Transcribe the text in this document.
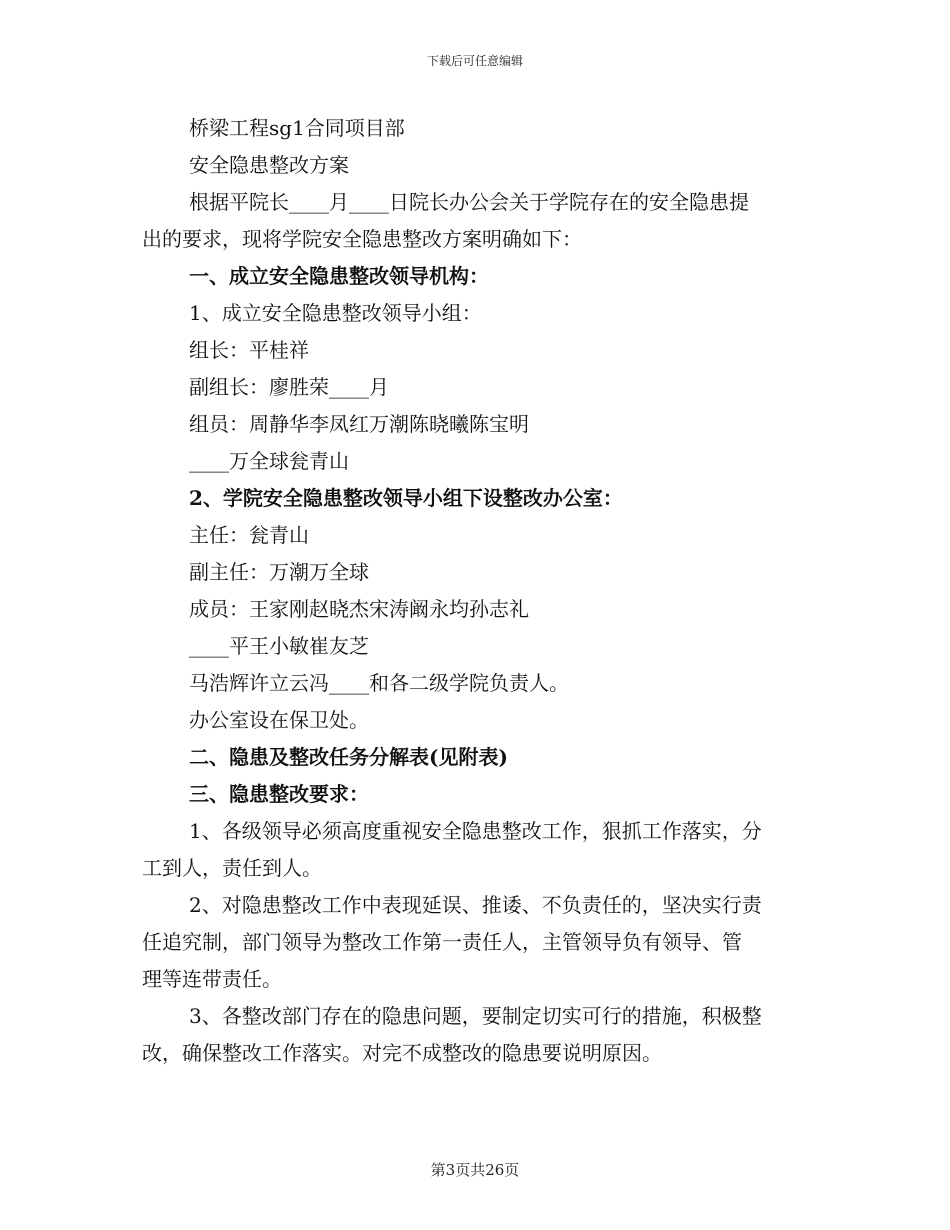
下载后可任意编辑
桥梁工程sg1合同项目部
安全隐患整改方案
根据平院长____月____日院长办公会关于学院存在的安全隐患提
出的要求，现将学院安全隐患整改方案明确如下：
一、成立安全隐患整改领导机构：
1、成立安全隐患整改领导小组：
组长：平桂祥
副组长：廖胜荣____月
组员：周静华李凤红万潮陈晓曦陈宝明
____万全球瓮青山
2、学院安全隐患整改领导小组下设整改办公室：
主任：瓮青山
副主任：万潮万全球
成员：王家刚赵晓杰宋涛阚永均孙志礼
____平王小敏崔友芝
马浩辉许立云冯____和各二级学院负责人。
办公室设在保卫处。
二、隐患及整改任务分解表(见附表)
三、隐患整改要求：
1、各级领导必须高度重视安全隐患整改工作，狠抓工作落实，分
工到人，责任到人。
2、对隐患整改工作中表现延误、推诿、不负责任的，坚决实行责
任追究制，部门领导为整改工作第一责任人，主管领导负有领导、管
理等连带责任。
3、各整改部门存在的隐患问题，要制定切实可行的措施，积极整
改，确保整改工作落实。对完不成整改的隐患要说明原因。
第3页共26页
